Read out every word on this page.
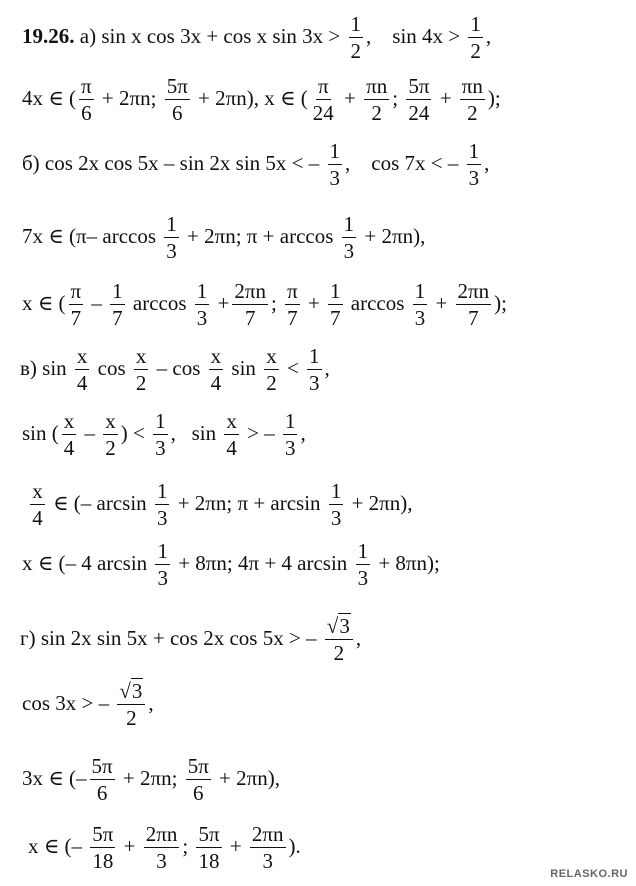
19.26. а) sin x cos 3x + cos x $\sin 3x > \frac{1}{2}$ ,    $\sin 4x > \frac{1}{2}$ ,
4x ∈ ( $\frac{\pi}{6} + 2\pi n$; $\frac{5\pi}{6} + 2\pi n$), x ∈ ( $\frac{\pi}{24} + \frac{\pi n}{2}$ ; $\frac{5\pi}{24} + \frac{\pi n}{2}$ );
б) cos 2x cos 5x – sin 2x sin 5x < – $\frac{1}{3}$ ,    cos 7x < – $\frac{1}{3}$ ,
7x ∈ (π– $\arccos \frac{1}{3} + 2\pi n$; $\pi + \arccos \frac{1}{3} + 2\pi n$),
x ∈ ( $\frac{\pi}{7} - \frac{1}{7}$ $\arccos \frac{1}{3} + \frac{2\pi n}{7}$ ; $\frac{\pi}{7} + \frac{1}{7}$ $\arccos \frac{1}{3} + \frac{2\pi n}{7}$ );
в) $\sin \frac{x}{4}$ $\cos \frac{x}{2}$ – $\cos \frac{x}{4}$ $\sin \frac{x}{2} < \frac{1}{3}$ ,
sin ( $\frac{x}{4} - \frac{x}{2}$ ) < $\frac{1}{3}$ ,   $\sin \frac{x}{4}$ > – $\frac{1}{3}$ ,

$\frac{x}{4}$ ∈ (– $\arcsin \frac{1}{3} + 2\pi n$; $\pi + \arcsin \frac{1}{3} + 2\pi n$),
x ∈ (– 4 $\arcsin \frac{1}{3} + 8\pi n$; 4π + 4 $\arcsin \frac{1}{3} + 8\pi n$);
г) sin 2x sin 5x + cos 2x cos 5x > – $\frac{√3}{2}$ ,
cos 3x > – $\frac{√3}{2}$ ,
3x ∈ (– $\frac{5\pi}{6} + 2\pi n$; $\frac{5\pi}{6} + 2\pi n$),
x ∈ (– $\frac{5\pi}{18} + \frac{2\pi n}{3}$ ; $\frac{5\pi}{18} + \frac{2\pi n}{3}$ ).
RELASKO.RU
